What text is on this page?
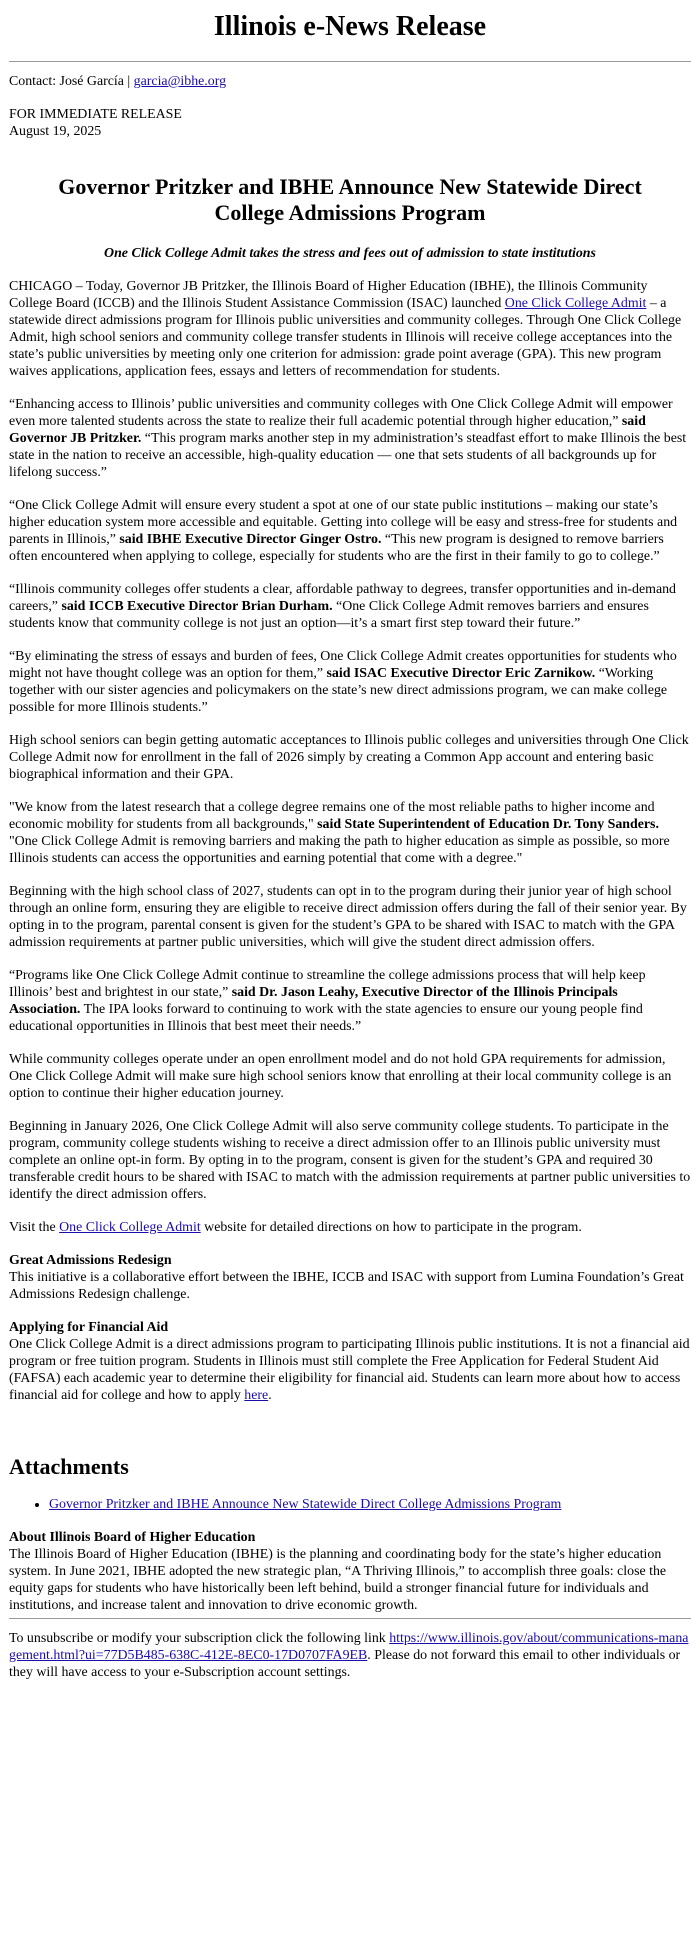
Illinois e-News Release

Contact: José García | garcia@ibhe.org

FOR IMMEDIATE RELEASE
August 19, 2025

Governor Pritzker and IBHE Announce New Statewide Direct College Admissions Program

One Click College Admit takes the stress and fees out of admission to state institutions

CHICAGO – Today, Governor JB Pritzker, the Illinois Board of Higher Education (IBHE), the Illinois Community College Board (ICCB) and the Illinois Student Assistance Commission (ISAC) launched One Click College Admit – a statewide direct admissions program for Illinois public universities and community colleges. Through One Click College Admit, high school seniors and community college transfer students in Illinois will receive college acceptances into the state’s public universities by meeting only one criterion for admission: grade point average (GPA). This new program waives applications, application fees, essays and letters of recommendation for students.

“Enhancing access to Illinois’ public universities and community colleges with One Click College Admit will empower even more talented students across the state to realize their full academic potential through higher education,” said Governor JB Pritzker. “This program marks another step in my administration’s steadfast effort to make Illinois the best state in the nation to receive an accessible, high-quality education — one that sets students of all backgrounds up for lifelong success.”

“One Click College Admit will ensure every student a spot at one of our state public institutions – making our state’s higher education system more accessible and equitable. Getting into college will be easy and stress-free for students and parents in Illinois,” said IBHE Executive Director Ginger Ostro. “This new program is designed to remove barriers often encountered when applying to college, especially for students who are the first in their family to go to college.”

“Illinois community colleges offer students a clear, affordable pathway to degrees, transfer opportunities and in-demand careers,” said ICCB Executive Director Brian Durham. “One Click College Admit removes barriers and ensures students know that community college is not just an option—it’s a smart first step toward their future.”

“By eliminating the stress of essays and burden of fees, One Click College Admit creates opportunities for students who might not have thought college was an option for them,” said ISAC Executive Director Eric Zarnikow. “Working together with our sister agencies and policymakers on the state’s new direct admissions program, we can make college possible for more Illinois students.”

High school seniors can begin getting automatic acceptances to Illinois public colleges and universities through One Click College Admit now for enrollment in the fall of 2026 simply by creating a Common App account and entering basic biographical information and their GPA.

"We know from the latest research that a college degree remains one of the most reliable paths to higher income and economic mobility for students from all backgrounds," said State Superintendent of Education Dr. Tony Sanders. "One Click College Admit is removing barriers and making the path to higher education as simple as possible, so more Illinois students can access the opportunities and earning potential that come with a degree."

Beginning with the high school class of 2027, students can opt in to the program during their junior year of high school through an online form, ensuring they are eligible to receive direct admission offers during the fall of their senior year. By opting in to the program, parental consent is given for the student’s GPA to be shared with ISAC to match with the GPA admission requirements at partner public universities, which will give the student direct admission offers.

“Programs like One Click College Admit continue to streamline the college admissions process that will help keep Illinois’ best and brightest in our state,” said Dr. Jason Leahy, Executive Director of the Illinois Principals Association. The IPA looks forward to continuing to work with the state agencies to ensure our young people find educational opportunities in Illinois that best meet their needs.”

While community colleges operate under an open enrollment model and do not hold GPA requirements for admission, One Click College Admit will make sure high school seniors know that enrolling at their local community college is an option to continue their higher education journey.

Beginning in January 2026, One Click College Admit will also serve community college students. To participate in the program, community college students wishing to receive a direct admission offer to an Illinois public university must complete an online opt-in form. By opting in to the program, consent is given for the student’s GPA and required 30 transferable credit hours to be shared with ISAC to match with the admission requirements at partner public universities to identify the direct admission offers.

Visit the One Click College Admit website for detailed directions on how to participate in the program.

Great Admissions Redesign
This initiative is a collaborative effort between the IBHE, ICCB and ISAC with support from Lumina Foundation’s Great Admissions Redesign challenge.

Applying for Financial Aid
One Click College Admit is a direct admissions program to participating Illinois public institutions. It is not a financial aid program or free tuition program. Students in Illinois must still complete the Free Application for Federal Student Aid (FAFSA) each academic year to determine their eligibility for financial aid. Students can learn more about how to access financial aid for college and how to apply here.

Attachments
• Governor Pritzker and IBHE Announce New Statewide Direct College Admissions Program

About Illinois Board of Higher Education
The Illinois Board of Higher Education (IBHE) is the planning and coordinating body for the state’s higher education system. In June 2021, IBHE adopted the new strategic plan, “A Thriving Illinois,” to accomplish three goals: close the equity gaps for students who have historically been left behind, build a stronger financial future for individuals and institutions, and increase talent and innovation to drive economic growth.

To unsubscribe or modify your subscription click the following link https://www.illinois.gov/about/communications-management.html?ui=77D5B485-638C-412E-8EC0-17D0707FA9EB. Please do not forward this email to other individuals or they will have access to your e-Subscription account settings.
